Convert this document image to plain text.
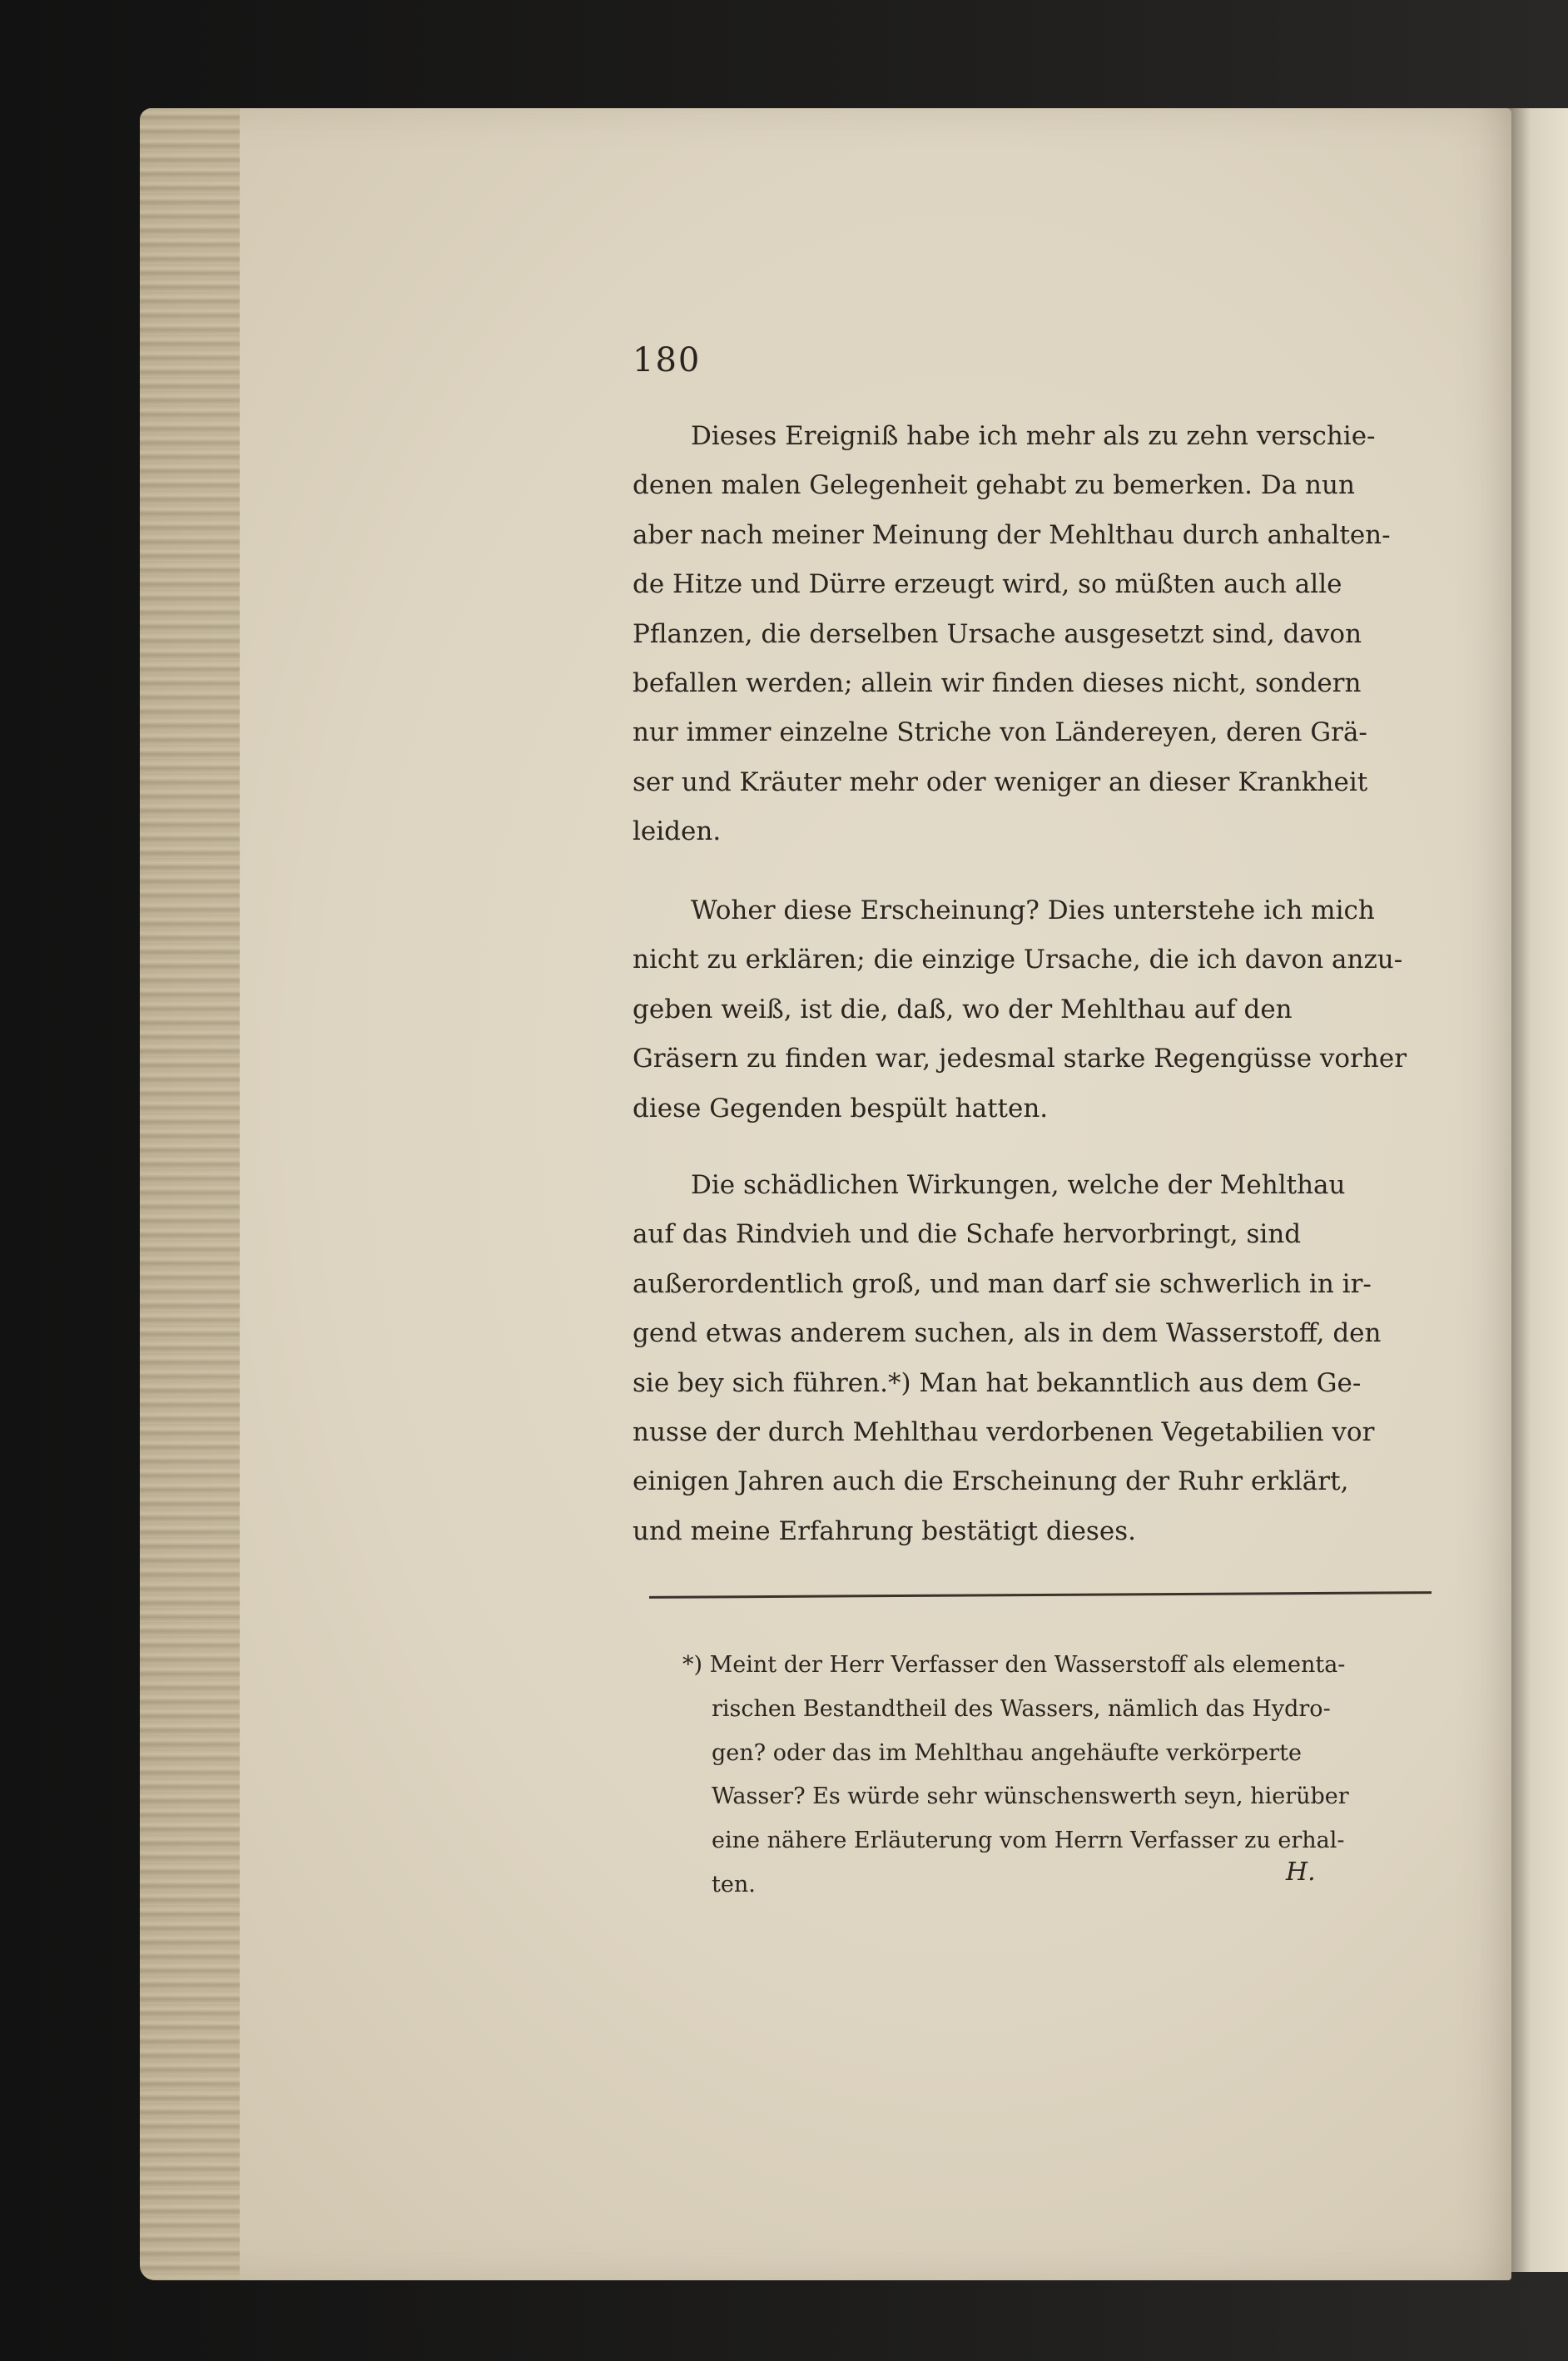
180
Dieses Ereigniß habe ich mehr als zu zehn verschie-
denen malen Gelegenheit gehabt zu bemerken. Da nun
aber nach meiner Meinung der Mehlthau durch anhalten-
de Hitze und Dürre erzeugt wird, so müßten auch alle
Pflanzen, die derselben Ursache ausgesetzt sind, davon
befallen werden; allein wir finden dieses nicht, sondern
nur immer einzelne Striche von Ländereyen, deren Grä-
ser und Kräuter mehr oder weniger an dieser Krankheit
leiden.
Woher diese Erscheinung? Dies unterstehe ich mich
nicht zu erklären; die einzige Ursache, die ich davon anzu-
geben weiß, ist die, daß, wo der Mehlthau auf den
Gräsern zu finden war, jedesmal starke Regengüsse vorher
diese Gegenden bespült hatten.
Die schädlichen Wirkungen, welche der Mehlthau
auf das Rindvieh und die Schafe hervorbringt, sind
außerordentlich groß, und man darf sie schwerlich in ir-
gend etwas anderem suchen, als in dem Wasserstoff, den
sie bey sich führen.*) Man hat bekanntlich aus dem Ge-
nusse der durch Mehlthau verdorbenen Vegetabilien vor
einigen Jahren auch die Erscheinung der Ruhr erklärt,
und meine Erfahrung bestätigt dieses.
*) Meint der Herr Verfasser den Wasserstoff als elementa-
rischen Bestandtheil des Wassers, nämlich das Hydro-
gen? oder das im Mehlthau angehäufte verkörperte
Wasser? Es würde sehr wünschenswerth seyn, hierüber
eine nähere Erläuterung vom Herrn Verfasser zu erhal-
ten.	H.
